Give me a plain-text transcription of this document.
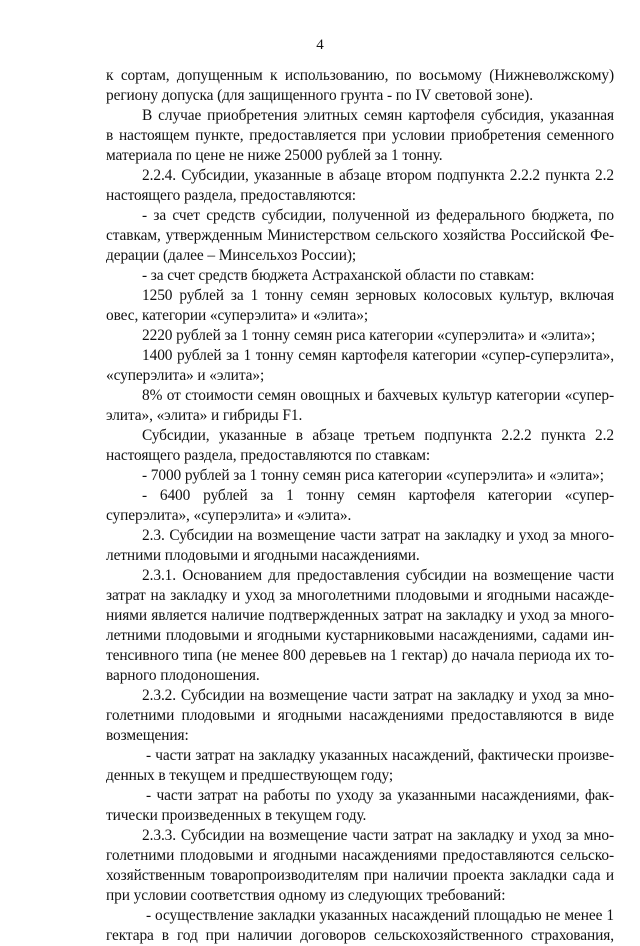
4
к сортам, допущенным к использованию, по восьмому (Нижневолжскому)
региону допуска (для защищенного грунта - по IV световой зоне).
В случае приобретения элитных семян картофеля субсидия, указанная
в настоящем пункте, предоставляется при условии приобретения семенного
материала по цене не ниже 25000 рублей за 1 тонну.
2.2.4. Субсидии, указанные в абзаце втором подпункта 2.2.2 пункта 2.2
настоящего раздела, предоставляются:
- за счет средств субсидии, полученной из федерального бюджета, по
ставкам, утвержденным Министерством сельского хозяйства Российской Фе-
дерации (далее – Минсельхоз России);
- за счет средств бюджета Астраханской области по ставкам:
1250 рублей за 1 тонну семян зерновых колосовых культур, включая
овес, категории «суперэлита» и «элита»;
2220 рублей за 1 тонну семян риса категории «суперэлита» и «элита»;
1400 рублей за 1 тонну семян картофеля категории «супер-суперэлита»,
«суперэлита» и «элита»;
8% от стоимости семян овощных и бахчевых культур категории «супер-
элита», «элита» и гибриды F1.
Субсидии, указанные в абзаце третьем подпункта 2.2.2 пункта 2.2
настоящего раздела, предоставляются по ставкам:
- 7000 рублей за 1 тонну семян риса категории «суперэлита» и «элита»;
- 6400 рублей за 1 тонну семян картофеля категории «супер-
суперэлита», «суперэлита» и «элита».
2.3. Субсидии на возмещение части затрат на закладку и уход за много-
летними плодовыми и ягодными насаждениями.
2.3.1. Основанием для предоставления субсидии на возмещение части
затрат на закладку и уход за многолетними плодовыми и ягодными насажде-
ниями является наличие подтвержденных затрат на закладку и уход за много-
летними плодовыми и ягодными кустарниковыми насаждениями, садами ин-
тенсивного типа (не менее 800 деревьев на 1 гектар) до начала периода их то-
варного плодоношения.
2.3.2. Субсидии на возмещение части затрат на закладку и уход за мно-
голетними плодовыми и ягодными насаждениями предоставляются в виде
возмещения:
- части затрат на закладку указанных насаждений, фактически произве-
денных в текущем и предшествующем году;
- части затрат на работы по уходу за указанными насаждениями, фак-
тически произведенных в текущем году.
2.3.3. Субсидии на возмещение части затрат на закладку и уход за мно-
голетними плодовыми и ягодными насаждениями предоставляются сельско-
хозяйственным товаропроизводителям при наличии проекта закладки сада и
при условии соответствия одному из следующих требований:
- осуществление закладки указанных насаждений площадью не менее 1
гектара в год при наличии договоров сельскохозяйственного страхования,
